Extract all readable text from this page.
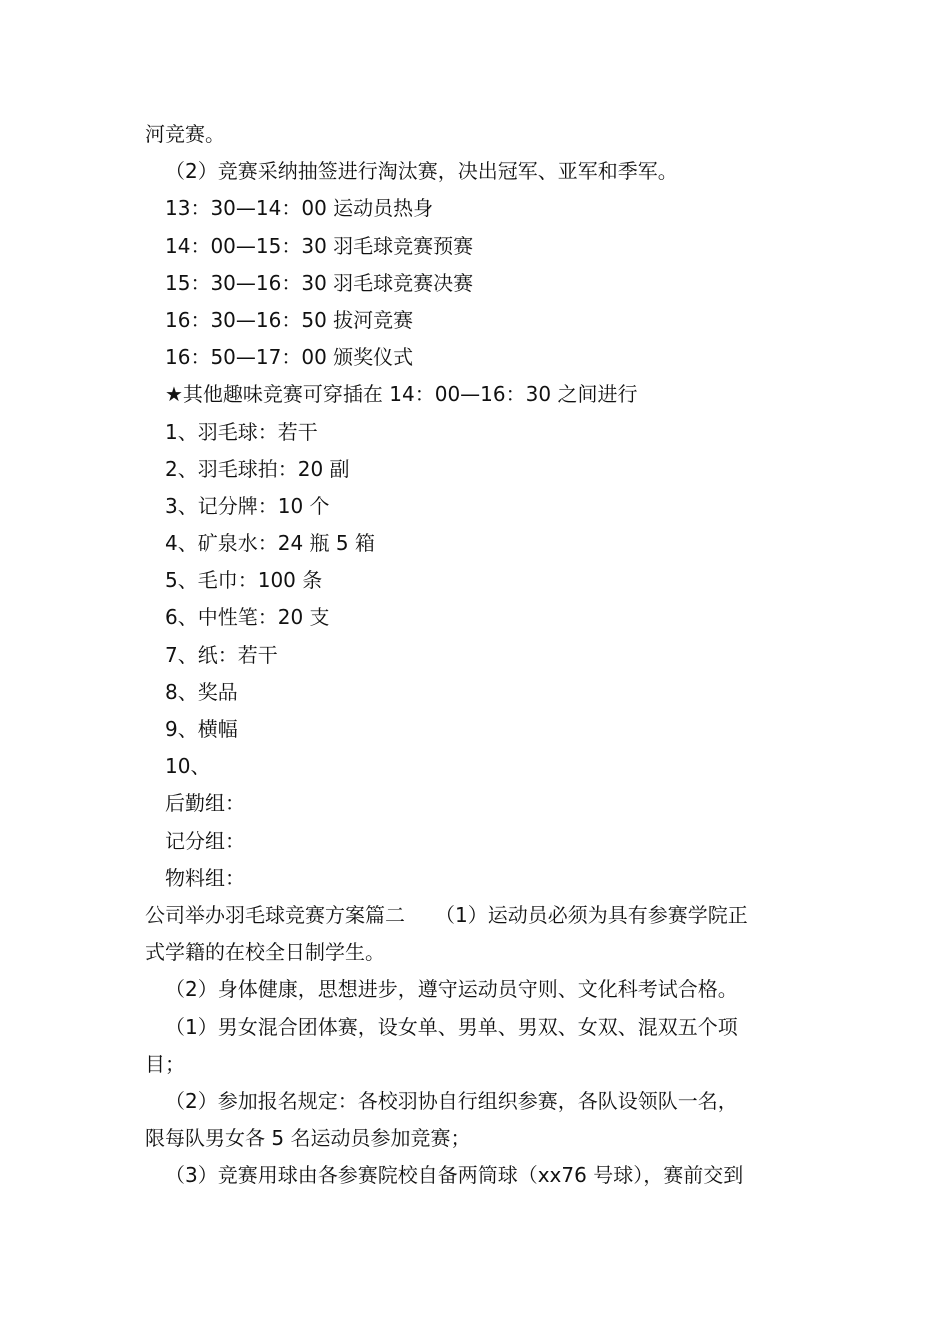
河竞赛。
（2）竞赛采纳抽签进行淘汰赛，决出冠军、亚军和季军。
13：30—14：00 运动员热身
14：00—15：30 羽毛球竞赛预赛
15：30—16：30 羽毛球竞赛决赛
16：30—16：50 拔河竞赛
16：50—17：00 颁奖仪式
★其他趣味竞赛可穿插在 14：00—16：30 之间进行
1、羽毛球：若干
2、羽毛球拍：20 副
3、记分牌：10 个
4、矿泉水：24 瓶 5 箱
5、毛巾：100 条
6、中性笔：20 支
7、纸：若干
8、奖品
9、横幅
10、
后勤组：
记分组：
物料组：
公司举办羽毛球竞赛方案篇二 （1）运动员必须为具有参赛学院正
式学籍的在校全日制学生。
（2）身体健康，思想进步，遵守运动员守则、文化科考试合格。
（1）男女混合团体赛，设女单、男单、男双、女双、混双五个项
目；
（2）参加报名规定：各校羽协自行组织参赛，各队设领队一名，
限每队男女各 5 名运动员参加竞赛；
（3）竞赛用球由各参赛院校自备两筒球（xx76 号球），赛前交到
